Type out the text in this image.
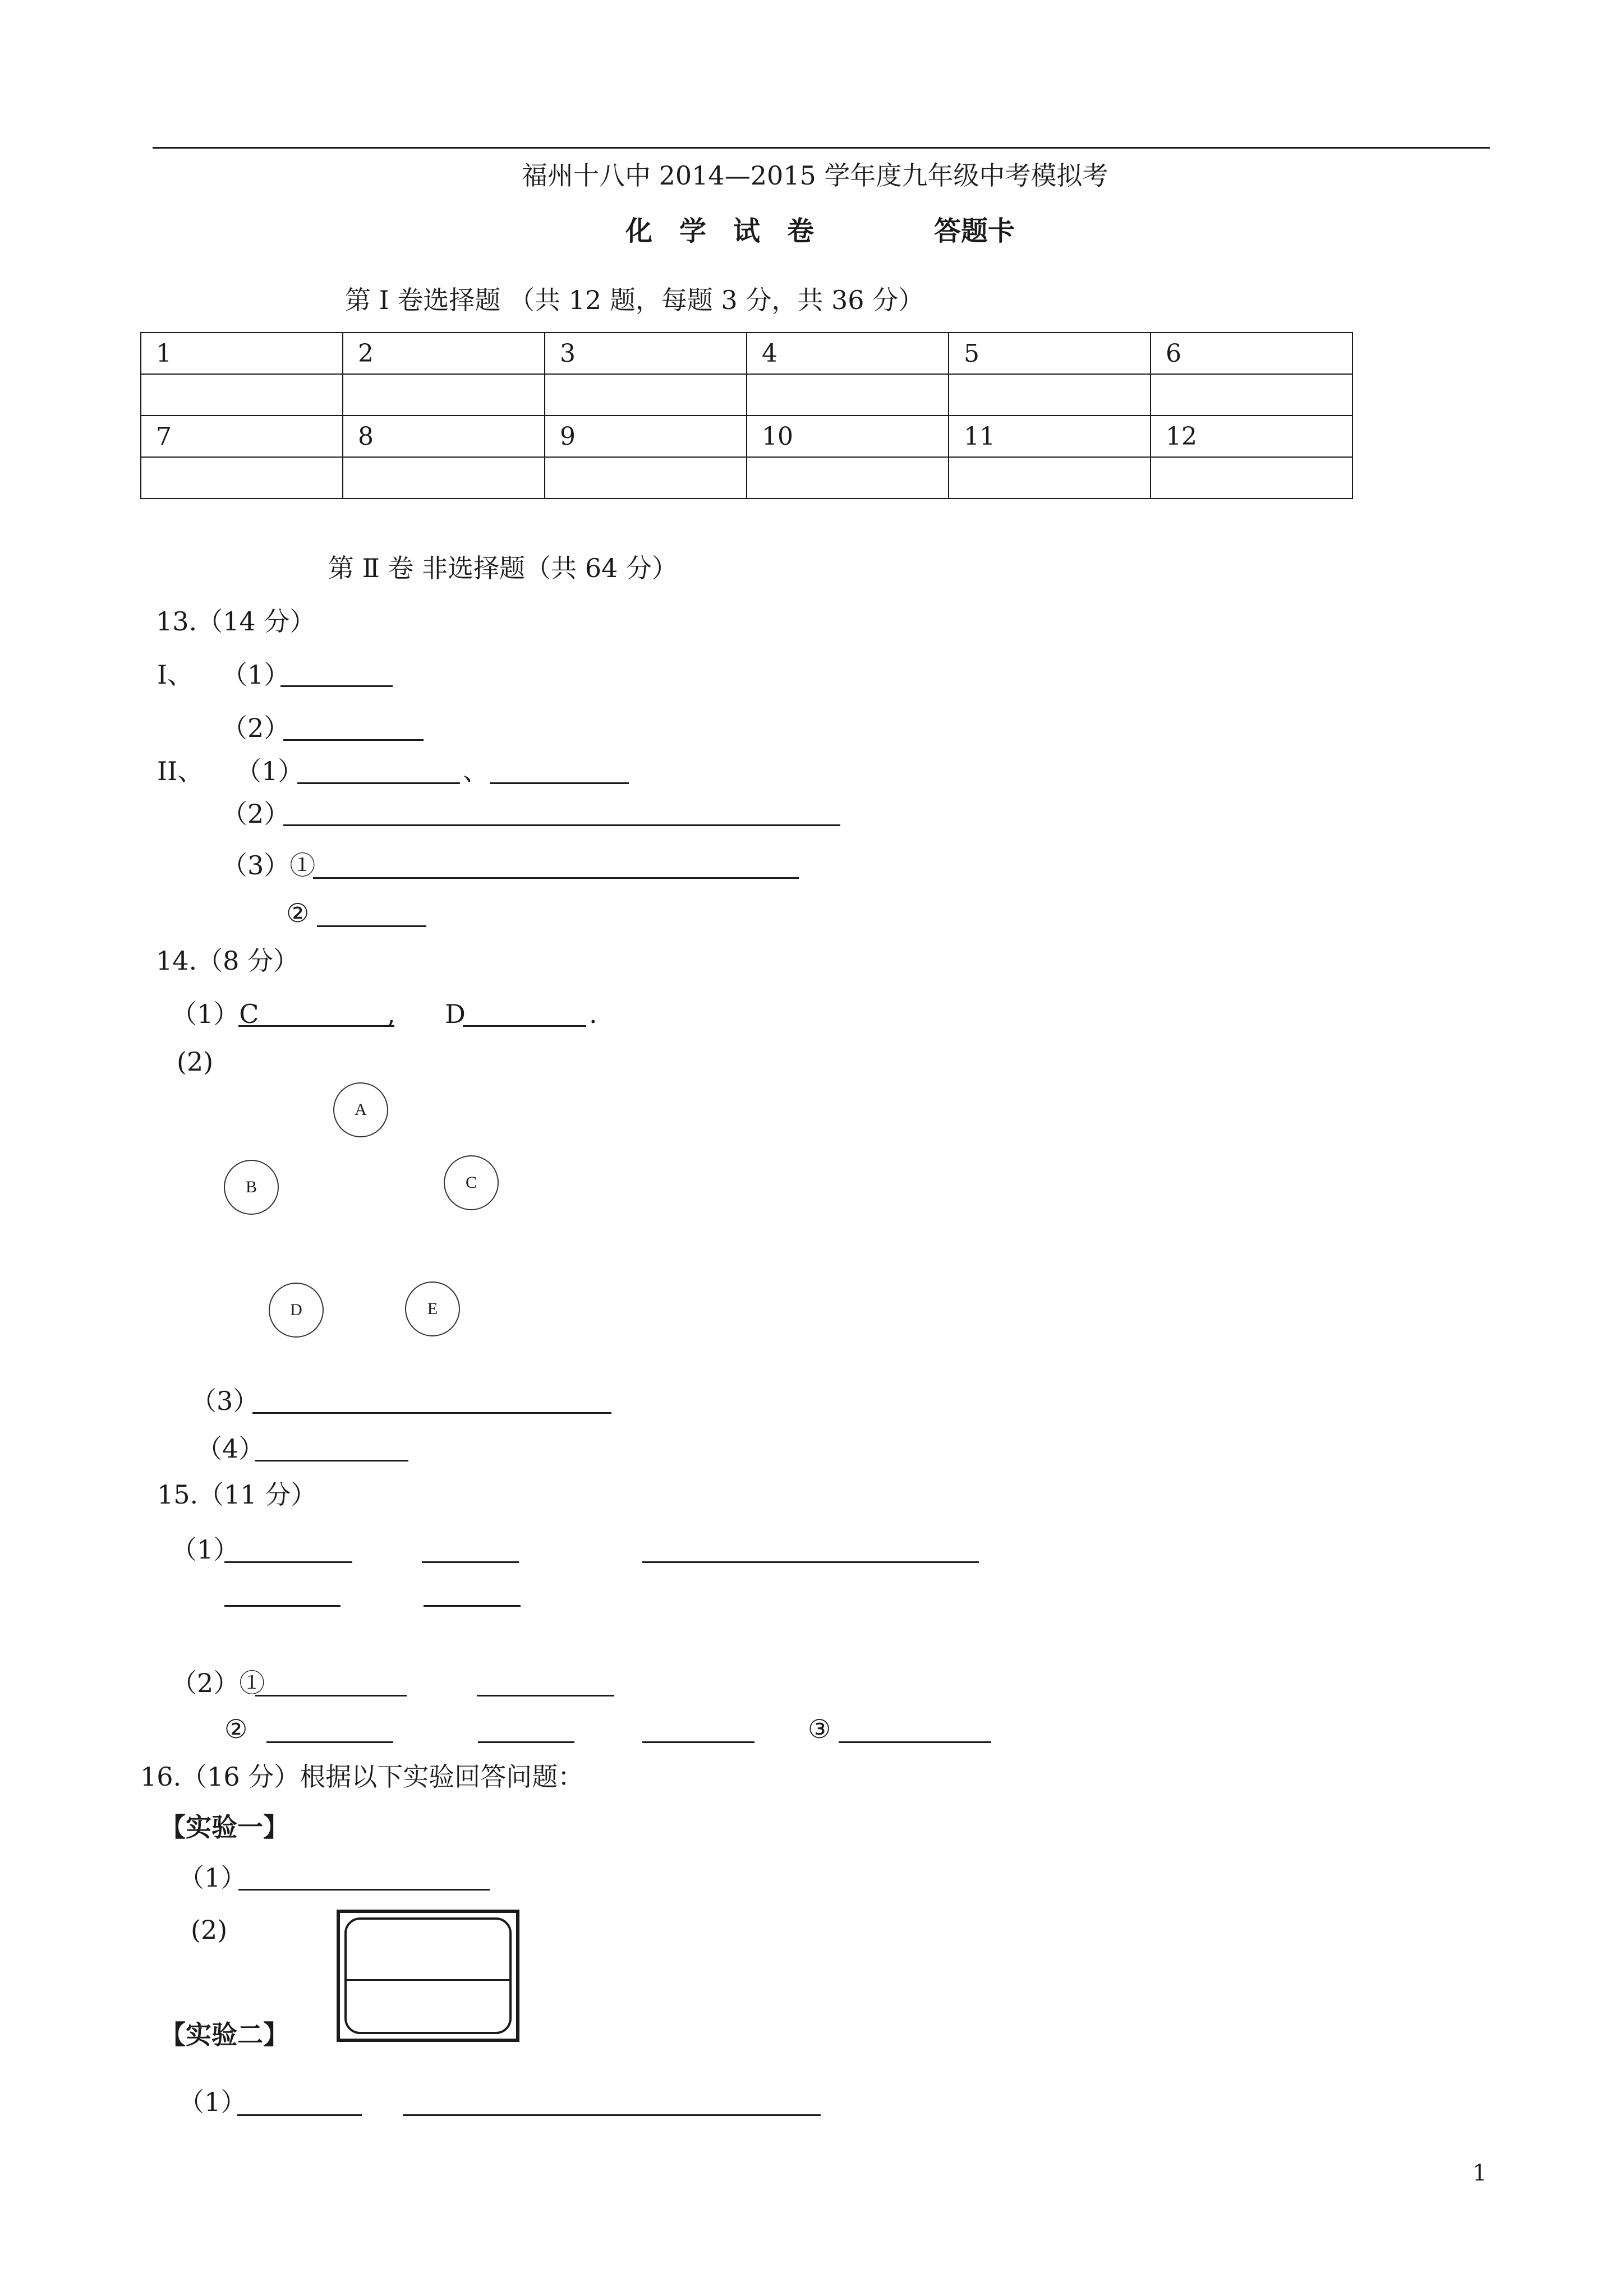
福州十八中 2014—2015 学年度九年级中考模拟考
化　学　试　卷	答题卡
第 I 卷选择题 （共 12 题，每题 3 分，共 36 分）
1	2	3	4	5	6

7	8	9	10	11	12

第 Ⅱ 卷 非选择题（共 64 分）
13.（14 分）
I、 （1）
（2）
II、 （1）	、
（2）
（3）①
②
14.（8 分）
（1）C	, D	.
(2)
A
B	C
D	E
（3）
（4）
15.（11 分）
（1）
（2）①
②	③
16.（16 分）根据以下实验回答问题：
【实验一】
（1）
(2)
【实验二】
（1）
1
